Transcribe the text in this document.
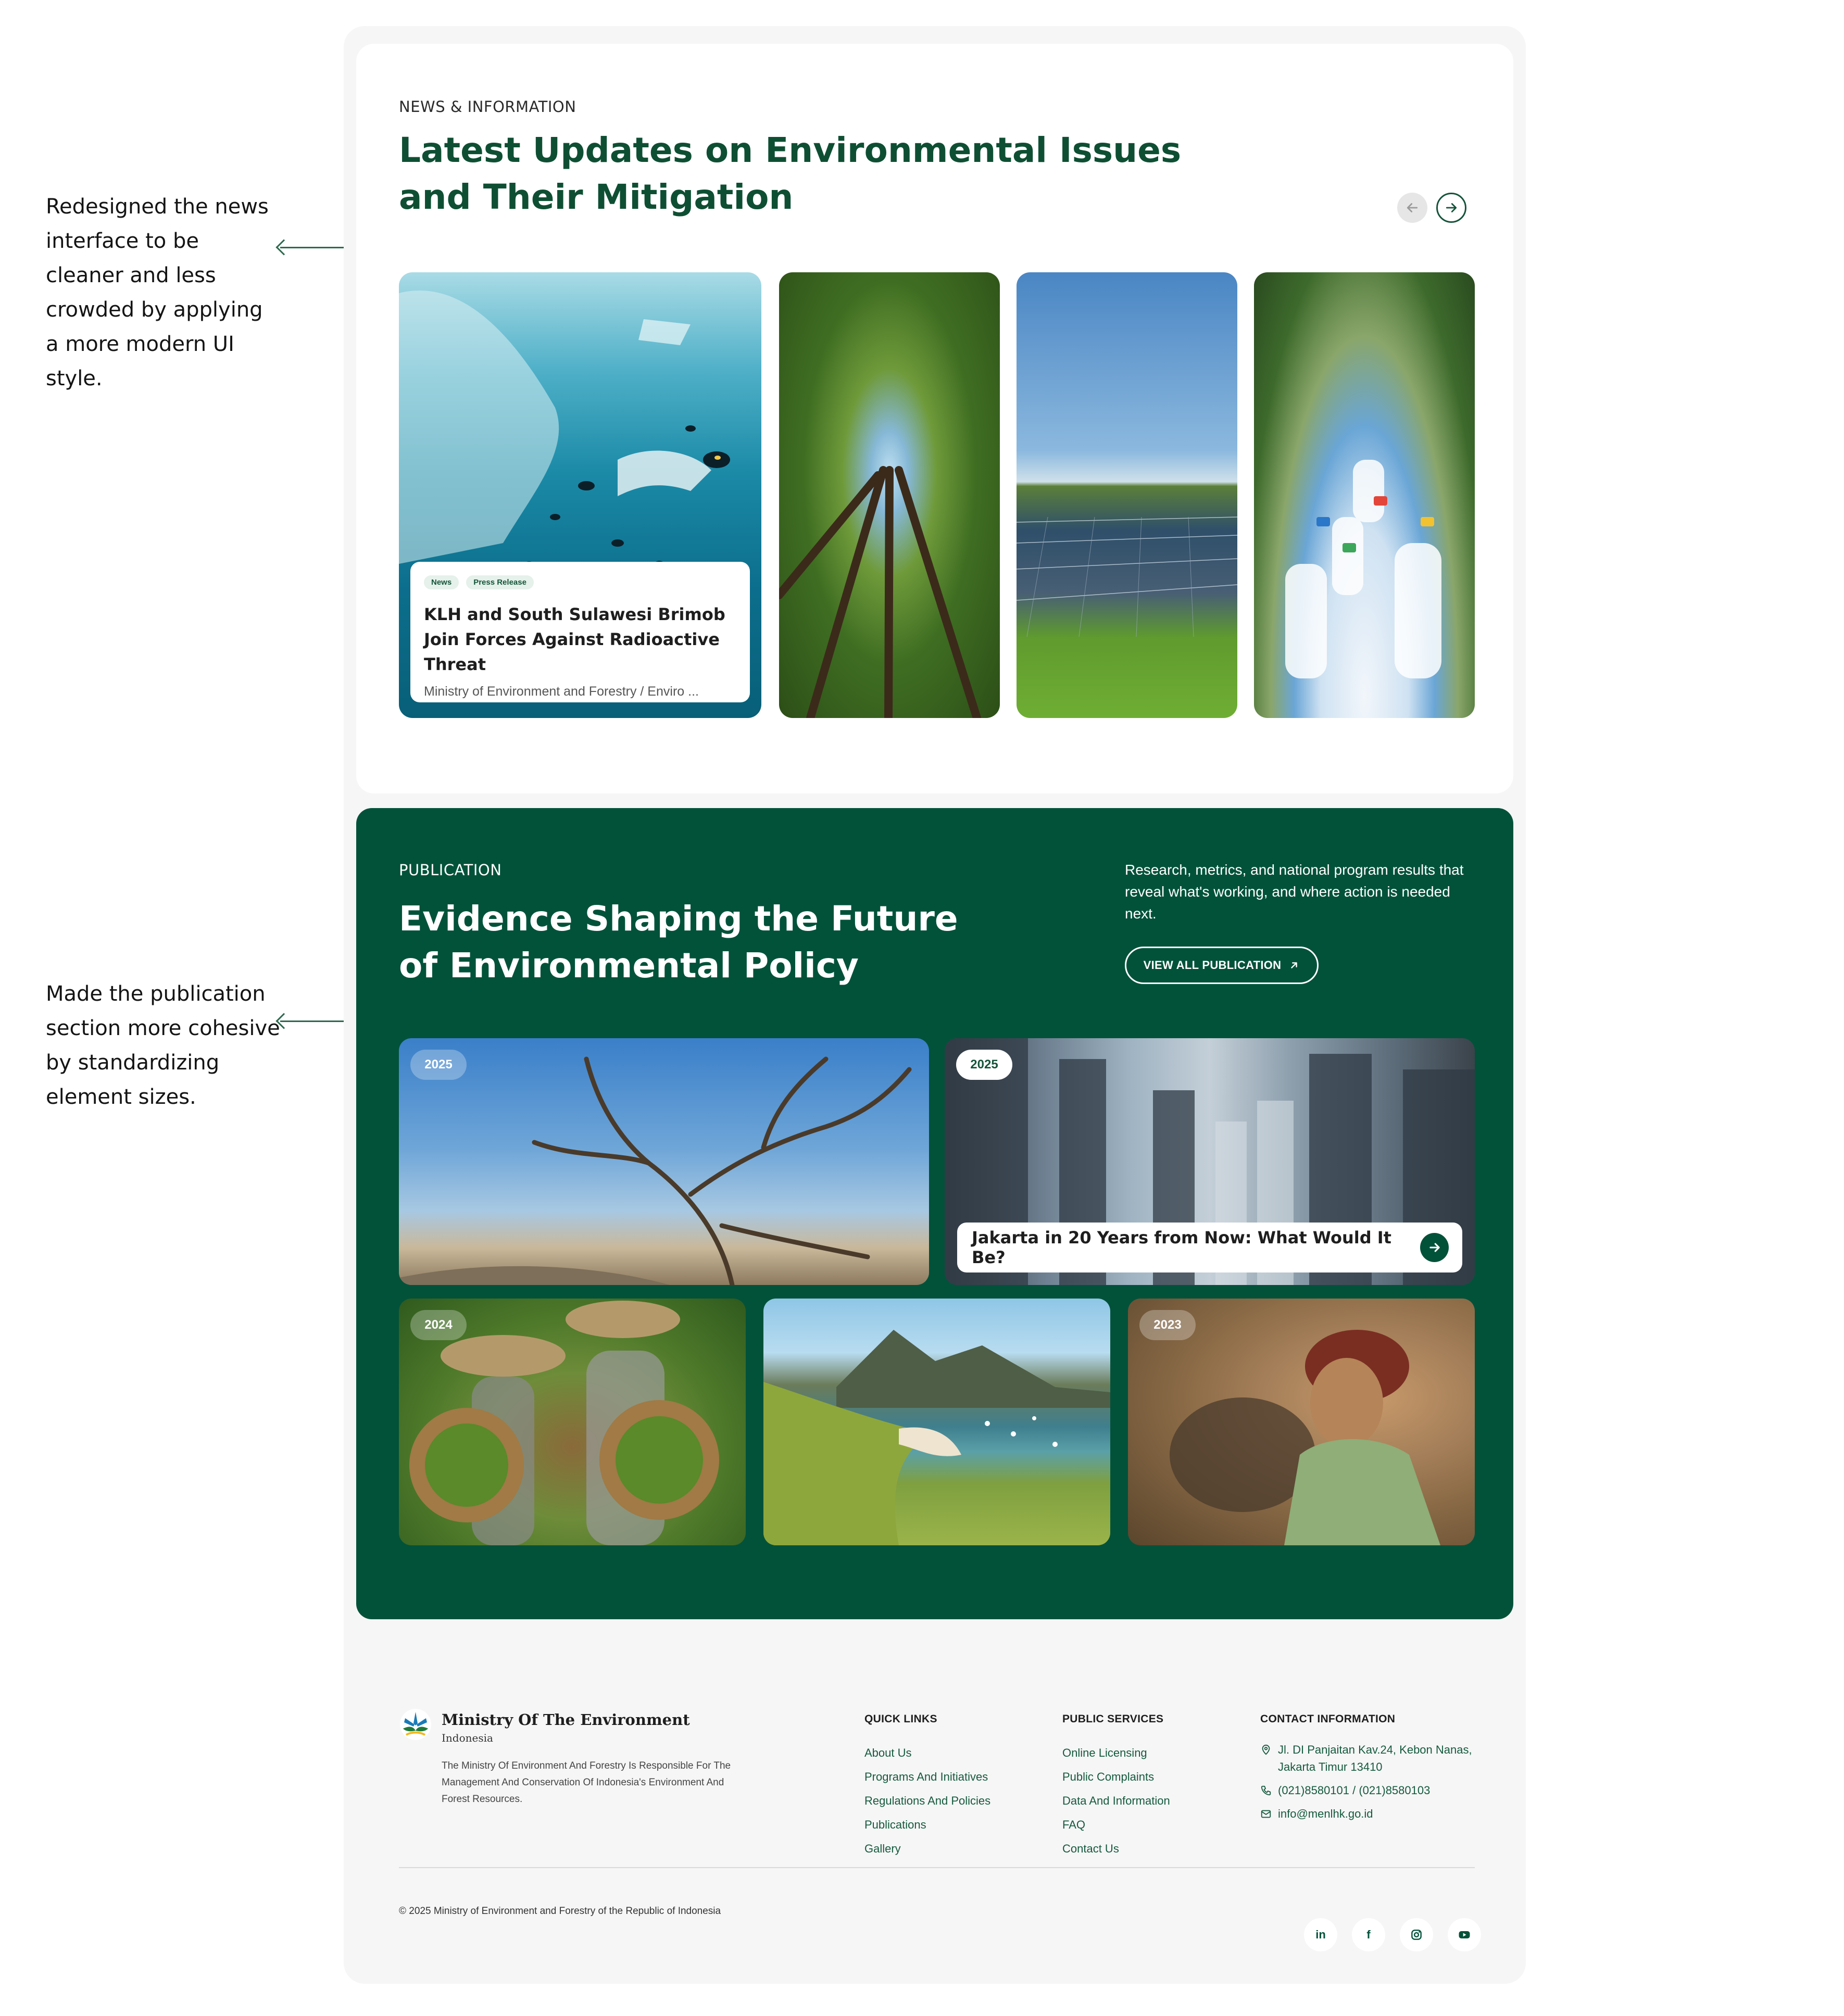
Redesigned the news
interface to be
cleaner and less
crowded by applying
a more modern UI
style.
Made the publication
section more cohesive
by standardizing
element sizes.
NEWS & INFORMATION
Latest Updates on Environmental Issues
and Their Mitigation
News	Press Release
KLH and South Sulawesi Brimob Join Forces Against Radioactive Threat
Ministry of Environment and Forestry / Enviro ...
PUBLICATION
Evidence Shaping the Future
of Environmental Policy

Research, metrics, and national program results that reveal what's working, and where action is needed next.

VIEW ALL PUBLICATION
2025	2025
Jakarta in 20 Years from Now: What Would It Be?
2024	2023
Ministry Of The Environment
Indonesia

The Ministry Of Environment And Forestry Is Responsible For The Management And Conservation Of Indonesia's Environment And Forest Resources.

QUICK LINKS
About Us
Programs And Initiatives
Regulations And Policies
Publications
Gallery
PUBLIC SERVICES
Online Licensing
Public Complaints
Data And Information
FAQ
Contact Us
CONTACT INFORMATION
Jl. DI Panjaitan Kav.24, Kebon Nanas, Jakarta Timur 13410
(021)8580101 / (021)8580103
info@menlhk.go.id
© 2025 Ministry of Environment and Forestry of the Republic of Indonesia
in	f
